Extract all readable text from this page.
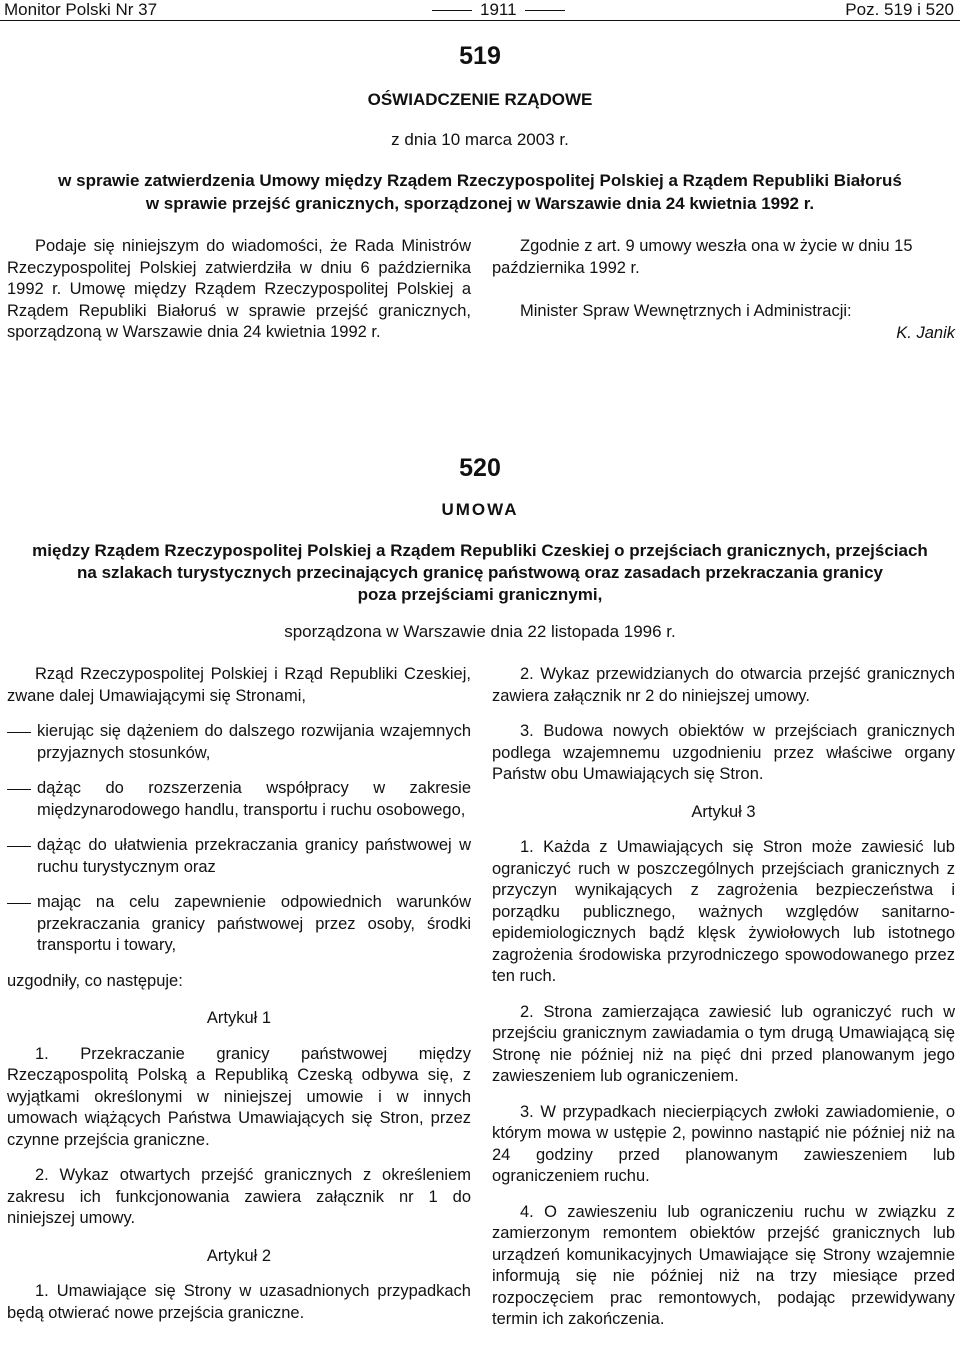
Monitor Polski Nr 37	1911	Poz. 519 i 520
519
OŚWIADCZENIE RZĄDOWE
z dnia 10 marca 2003 r.
w sprawie zatwierdzenia Umowy między Rządem Rzeczypospolitej Polskiej a Rządem Republiki Białoruś
w sprawie przejść granicznych, sporządzonej w Warszawie dnia 24 kwietnia 1992 r.

Podaje się niniejszym do wiadomości, że Rada Ministrów Rzeczypospolitej Polskiej zatwierdziła w dniu 6 października 1992 r. Umowę między Rządem Rzeczypospolitej Polskiej a Rządem Republiki Białoruś w sprawie przejść granicznych, sporządzoną w Warszawie dnia 24 kwietnia 1992 r.

Zgodnie z art. 9 umowy weszła ona w życie w dniu 15 października 1992 r.

Minister Spraw Wewnętrznych i Administracji:

K. Janik

520
UMOWA
między Rządem Rzeczypospolitej Polskiej a Rządem Republiki Czeskiej o przejściach granicznych, przejściach
na szlakach turystycznych przecinających granicę państwową oraz zasadach przekraczania granicy
poza przejściami granicznymi,
sporządzona w Warszawie dnia 22 listopada 1996 r.

Rząd Rzeczypospolitej Polskiej i Rząd Republiki Czeskiej, zwane dalej Umawiającymi się Stronami,

kierując się dążeniem do dalszego rozwijania wzajemnych przyjaznych stosunków,

dążąc do rozszerzenia współpracy w zakresie międzynarodowego handlu, transportu i ruchu osobowego,

dążąc do ułatwienia przekraczania granicy państwowej w ruchu turystycznym oraz

mając na celu zapewnienie odpowiednich warunków przekraczania granicy państwowej przez osoby, środki transportu i towary,

uzgodniły, co następuje:

Artykuł 1

1. Przekraczanie granicy państwowej między Rzecząpospolitą Polską a Republiką Czeską odbywa się, z wyjątkami określonymi w niniejszej umowie i w innych umowach wiążących Państwa Umawiających się Stron, przez czynne przejścia graniczne.

2. Wykaz otwartych przejść granicznych z określeniem zakresu ich funkcjonowania zawiera załącznik nr 1 do niniejszej umowy.

Artykuł 2

1. Umawiające się Strony w uzasadnionych przypadkach będą otwierać nowe przejścia graniczne.

2. Wykaz przewidzianych do otwarcia przejść granicznych zawiera załącznik nr 2 do niniejszej umowy.

3. Budowa nowych obiektów w przejściach granicznych podlega wzajemnemu uzgodnieniu przez właściwe organy Państw obu Umawiających się Stron.

Artykuł 3

1. Każda z Umawiających się Stron może zawiesić lub ograniczyć ruch w poszczególnych przejściach granicznych z przyczyn wynikających z zagrożenia bezpieczeństwa i porządku publicznego, ważnych względów sanitarno-epidemiologicznych bądź klęsk żywiołowych lub istotnego zagrożenia środowiska przyrodniczego spowodowanego przez ten ruch.

2. Strona zamierzająca zawiesić lub ograniczyć ruch w przejściu granicznym zawiadamia o tym drugą Umawiającą się Stronę nie później niż na pięć dni przed planowanym jego zawieszeniem lub ograniczeniem.

3. W przypadkach niecierpiących zwłoki zawiadomienie, o którym mowa w ustępie 2, powinno nastąpić nie później niż na 24 godziny przed planowanym zawieszeniem lub ograniczeniem ruchu.

4. O zawieszeniu lub ograniczeniu ruchu w związku z zamierzonym remontem obiektów przejść granicznych lub urządzeń komunikacyjnych Umawiające się Strony wzajemnie informują się nie później niż na trzy miesiące przed rozpoczęciem prac remontowych, podając przewidywany termin ich zakończenia.
